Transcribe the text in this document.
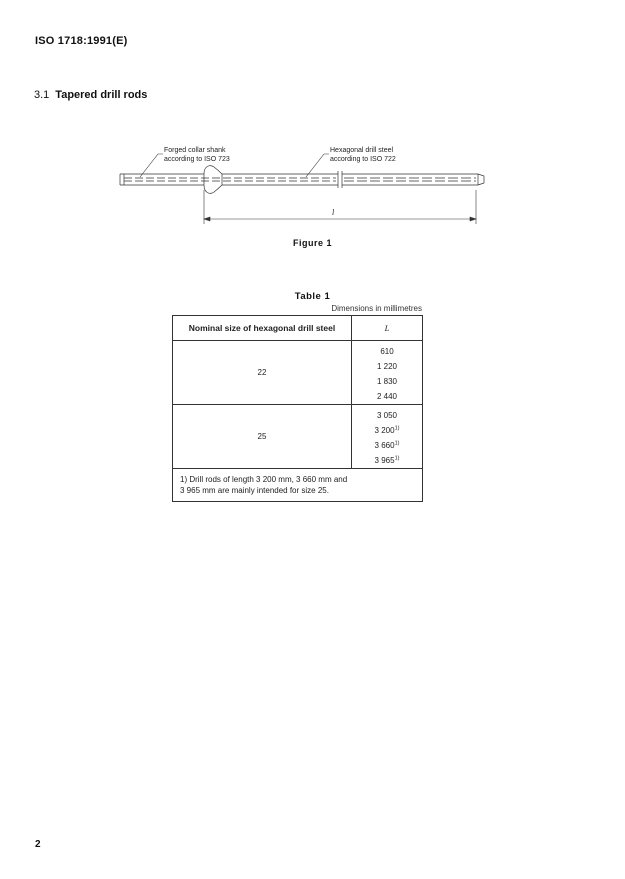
ISO 1718:1991(E)
3.1 Tapered drill rods
Forged collar shank
according to ISO 723
Hexagonal drill steel
according to ISO 722
l
Figure 1
Table 1
Dimensions in millimetres
Nominal size of hexagonal drill steel	L
22	610
1 220
1 830
2 440

25	3 050
3 200$^{1)}$
3 660$^{1)}$
3 965$^{1)}$

1) Drill rods of length 3 200 mm, 3 660 mm and
3 965 mm are mainly intended for size 25.	
2
